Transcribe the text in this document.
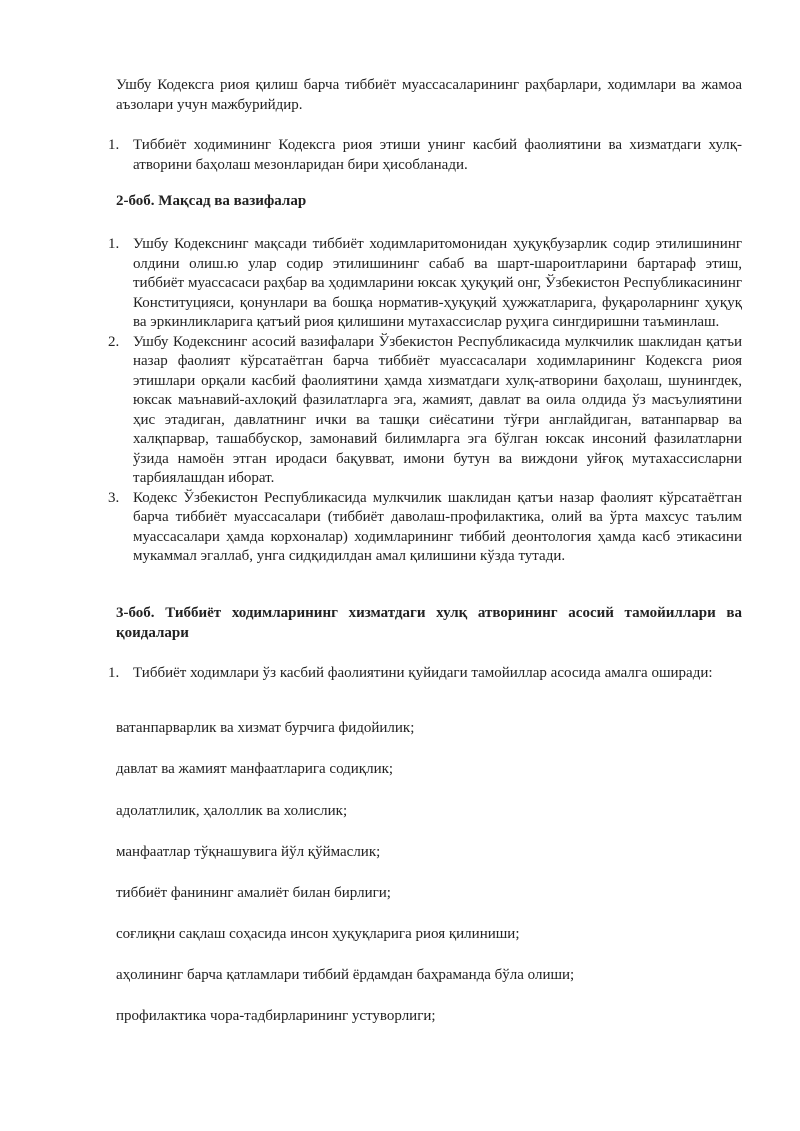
Ушбу Кодексга риоя қилиш барча тиббиёт муассасаларининг раҳбарлари, ходимлари ва жамоа аъзолари учун мажбурийдир.

1. Тиббиёт ходимининг Кодексга риоя этиши унинг касбий фаолиятини ва хизматдаги хулқ-атворини баҳолаш мезонларидан бири ҳисобланади.

2-боб. Мақсад ва вазифалар

1. Ушбу Кодекснинг мақсади тиббиёт ходимларитомонидан ҳуқуқбузарлик содир этилишининг олдини олиш.ю улар содир этилишининг сабаб ва шарт-шароитларини бартараф этиш, тиббиёт муассасаси раҳбар ва ҳодимларини юксак ҳуқуқий онг, Ўзбекистон Республикасининг Конституцияси, қонунлари ва бошқа норматив-ҳуқуқий ҳужжатларига, фуқароларнинг ҳуқуқ ва эркинликларига қатъий риоя қилишини мутахассислар руҳига сингдиришни таъминлаш.
2. Ушбу Кодекснинг асосий вазифалари Ўзбекистон Республикасида мулкчилик шаклидан қатъи назар фаолият кўрсатаётган барча тиббиёт муассасалари ходимларининг Кодексга риоя этишлари орқали касбий фаолиятини ҳамда хизматдаги хулқ-атворини баҳолаш, шунингдек, юксак маънавий-ахлоқий фазилатларга эга, жамият, давлат ва оила олдида ўз масъулиятини ҳис этадиган, давлатнинг ички ва ташқи сиёсатини тўғри англайдиган, ватанпарвар ва халқпарвар, ташаббускор, замонавий билимларга эга бўлган юксак инсоний фазилатларни ўзида намоён этган иродаси бақувват, имони бутун ва виждони уйғоқ мутахассисларни тарбиялашдан иборат.
3. Кодекс Ўзбекистон Республикасида мулкчилик шаклидан қатъи назар фаолият кўрсатаётган барча тиббиёт муассасалари (тиббиёт даволаш-профилактика, олий ва ўрта махсус таълим муассасалари ҳамда корхоналар) ходимларининг тиббий деонтология ҳамда касб этикасини мукаммал эгаллаб, унга сидқидилдан амал қилишини кўзда тутади.

3-боб. Тиббиёт ходимларининг хизматдаги хулқ атворининг асосий тамойиллари ва қоидалари

1. Тиббиёт ходимлари ўз касбий фаолиятини қуйидаги тамойиллар асосида амалга оширади:

ватанпарварлик ва хизмат бурчига фидойилик;

давлат ва жамият манфаатларига содиқлик;

адолатлилик, ҳалоллик ва холислик;

манфаатлар тўқнашувига йўл қўймаслик;

тиббиёт фанининг амалиёт билан бирлиги;

соғлиқни сақлаш соҳасида инсон ҳуқуқларига риоя қилиниши;

аҳолининг барча қатламлари тиббий ёрдамдан баҳраманда бўла олиши;

профилактика чора-тадбирларининг устуворлиги;
